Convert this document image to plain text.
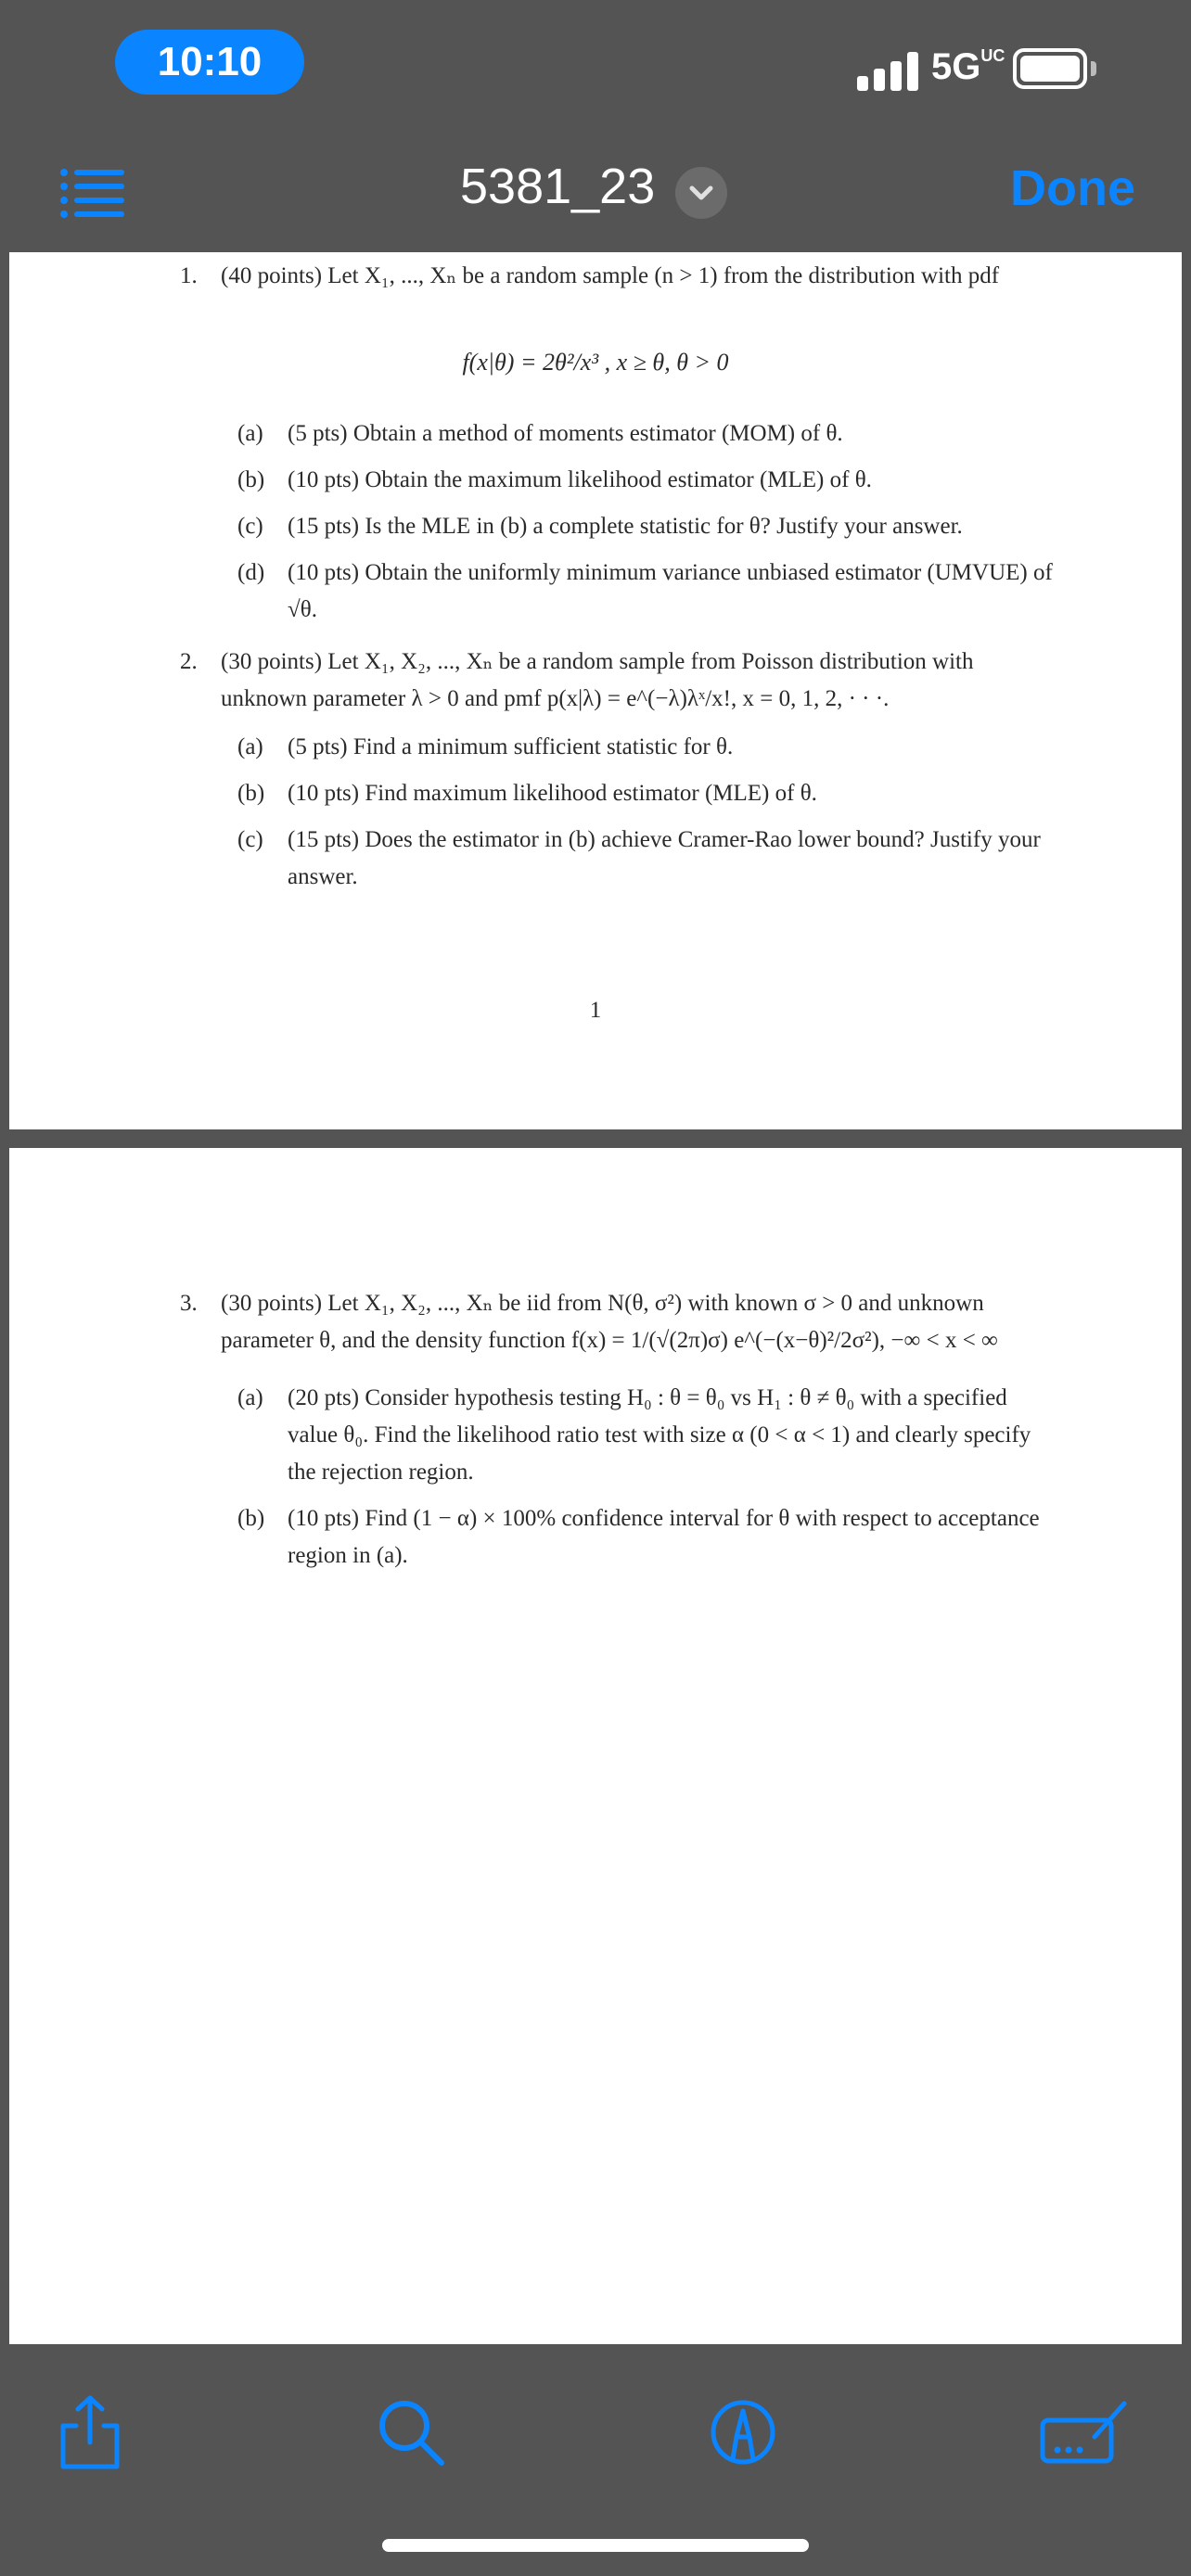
10:10	$5G^{UC}$
5381_23	Done
1.	(40 points) Let X₁, ..., Xₙ be a random sample (n > 1) from the distribution with pdf
f(x|θ) = 2θ²/x³ , x ≥ θ, θ > 0
(a)	(5 pts) Obtain a method of moments estimator (MOM) of θ.
(b) (10 pts) Obtain the maximum likelihood estimator (MLE) of θ.
(c)	(15 pts) Is the MLE in (b) a complete statistic for θ? Justify your answer.
(d) (10 pts) Obtain the uniformly minimum variance unbiased estimator (UMVUE) of √θ.
2.	(30 points) Let X₁, X₂, ..., Xₙ be a random sample from Poisson distribution with unknown parameter λ > 0 and pmf p(x|λ) = e^(−λ)λˣ/x!, x = 0, 1, 2, · · ·.
(a)	(5 pts) Find a minimum sufficient statistic for θ.
(b) (10 pts) Find maximum likelihood estimator (MLE) of θ.
(c)	(15 pts) Does the estimator in (b) achieve Cramer-Rao lower bound? Justify your answer.
1
3.	(30 points) Let X₁, X₂, ..., Xₙ be iid from N(θ, σ²) with known σ > 0 and unknown parameter θ, and the density function f(x) = 1/(√(2π)σ) e^(−(x−θ)²/2σ²), −∞ < x < ∞
(a)	(20 pts) Consider hypothesis testing H₀ : θ = θ₀ vs H₁ : θ ≠ θ₀ with a specified value θ₀. Find the likelihood ratio test with size α (0 < α < 1) and clearly specify the rejection region.
(b) (10 pts) Find (1 − α) × 100% confidence interval for θ with respect to acceptance region in (a).
